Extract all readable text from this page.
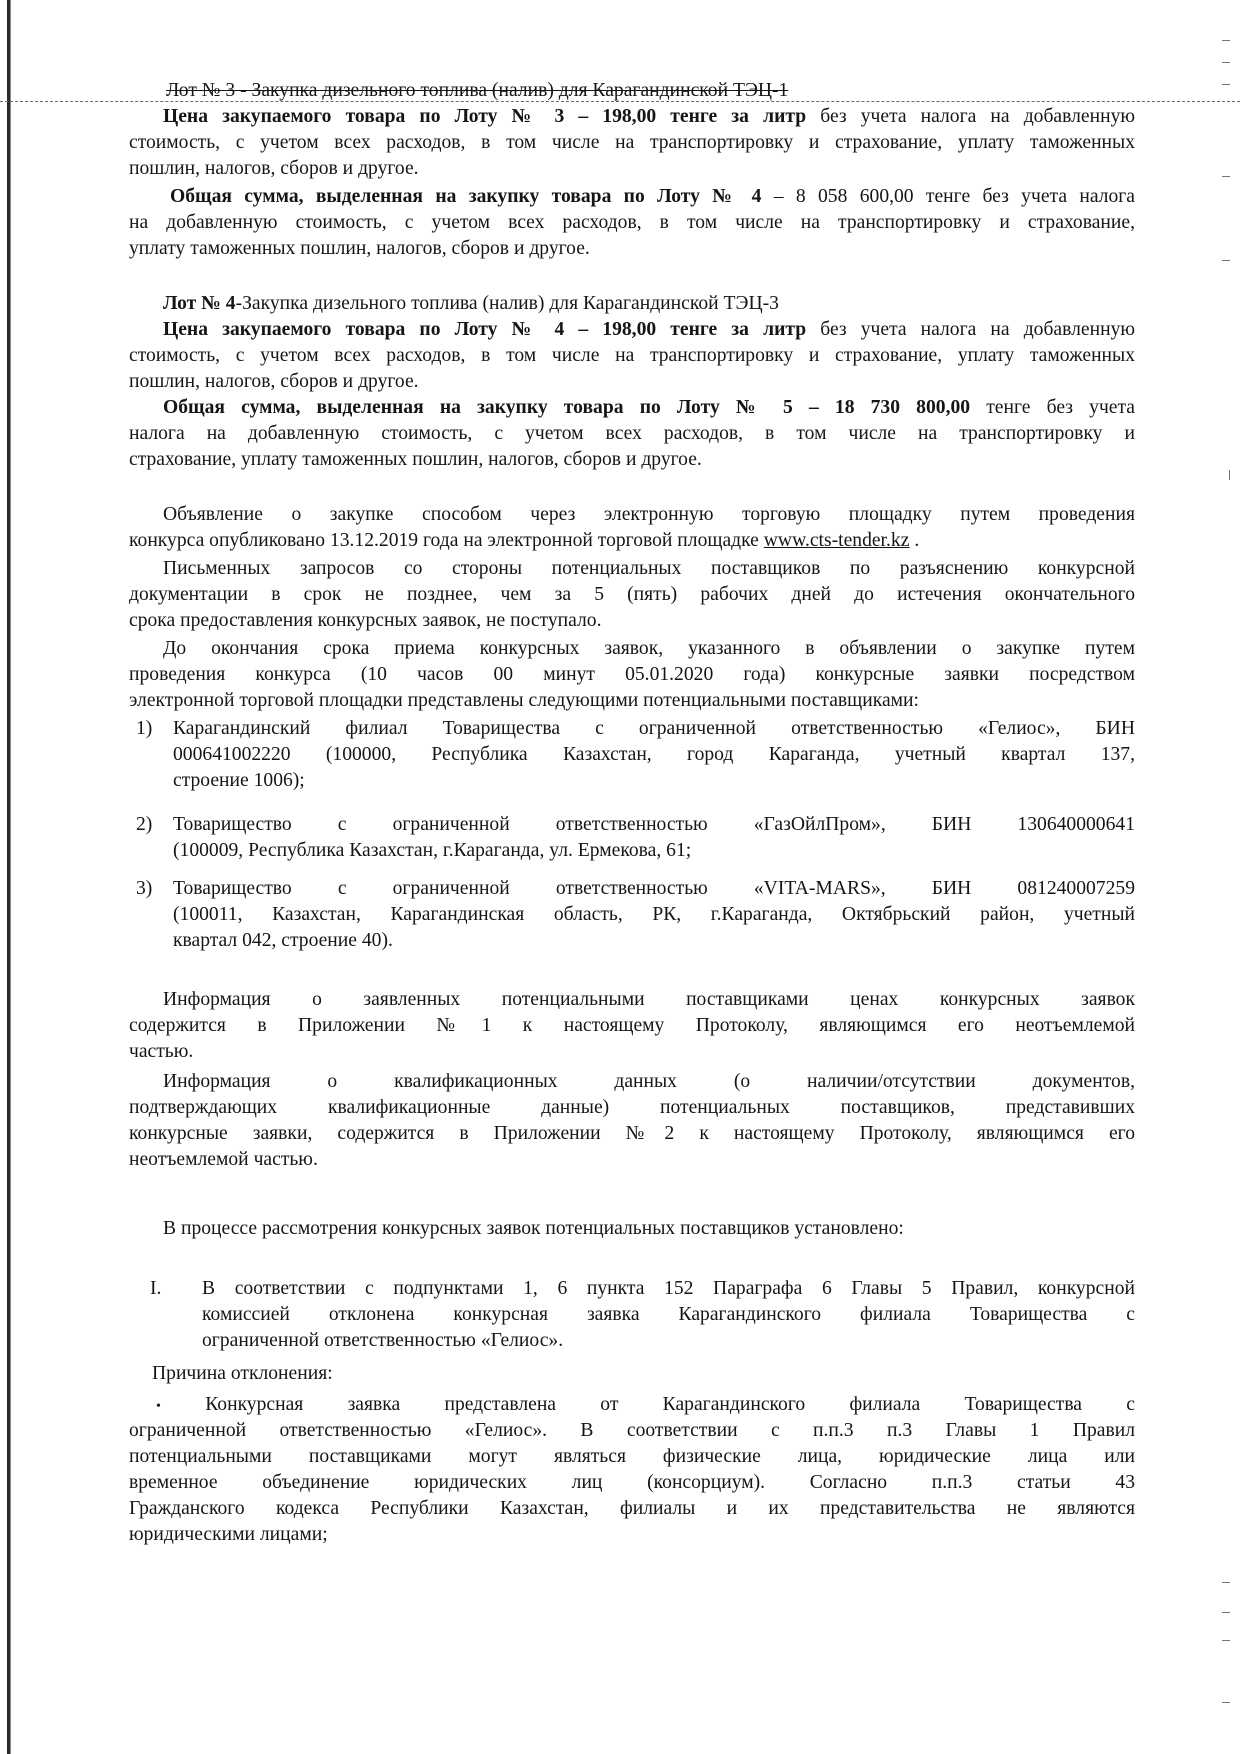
Лот № 3 - Закупка дизельного топлива (налив) для Карагандинской ТЭЦ-1
Цена закупаемого товара по Лоту № 3 – 198,00 тенге за литр без учета налога на добавленную
стоимость, с учетом всех расходов, в том числе на транспортировку и страхование, уплату таможенных
пошлин, налогов, сборов и другое.
Общая сумма, выделенная на закупку товара по Лоту № 4 – 8 058 600,00 тенге без учета налога
на добавленную стоимость, с учетом всех расходов, в том числе на транспортировку и страхование,
уплату таможенных пошлин, налогов, сборов и другое.
Лот № 4-Закупка дизельного топлива (налив) для Карагандинской ТЭЦ-3
Цена закупаемого товара по Лоту № 4 – 198,00 тенге за литр без учета налога на добавленную
стоимость, с учетом всех расходов, в том числе на транспортировку и страхование, уплату таможенных
пошлин, налогов, сборов и другое.
Общая сумма, выделенная на закупку товара по Лоту № 5 – 18 730 800,00 тенге без учета
налога на добавленную стоимость, с учетом всех расходов, в том числе на транспортировку и
страхование, уплату таможенных пошлин, налогов, сборов и другое.
Объявление о закупке способом через электронную торговую площадку путем проведения
конкурса опубликовано 13.12.2019 года на электронной торговой площадке www.cts-tender.kz .
Письменных запросов со стороны потенциальных поставщиков по разъяснению конкурсной
документации в срок не позднее, чем за 5 (пять) рабочих дней до истечения окончательного
срока предоставления конкурсных заявок, не поступало.
До окончания срока приема конкурсных заявок, указанного в объявлении о закупке путем
проведения конкурса (10 часов 00 минут 05.01.2020 года) конкурсные заявки посредством
электронной торговой площадки представлены следующими потенциальными поставщиками:
1) Карагандинский филиал Товарищества с ограниченной ответственностью «Гелиос», БИН
000641002220 (100000, Республика Казахстан, город Караганда, учетный квартал 137,
строение 1006);
2) Товарищество с ограниченной ответственностью «ГазОйлПром», БИН 130640000641
(100009, Республика Казахстан, г.Караганда, ул. Ермекова, 61;
3) Товарищество с ограниченной ответственностью «VITA-MARS», БИН 081240007259
(100011, Казахстан, Карагандинская область, РК, г.Караганда, Октябрьский район, учетный
квартал 042, строение 40).
Информация о заявленных потенциальными поставщиками ценах конкурсных заявок
содержится в Приложении №1 к настоящему Протоколу, являющимся его неотъемлемой
частью.
Информация о квалификационных данных (о наличии/отсутствии документов,
подтверждающих квалификационные данные) потенциальных поставщиков, представивших
конкурсные заявки, содержится в Приложении №2 к настоящему Протоколу, являющимся его
неотъемлемой частью.
В процессе рассмотрения конкурсных заявок потенциальных поставщиков установлено:
I.	В соответствии с подпунктами 1, 6 пункта 152 Параграфа 6 Главы 5 Правил, конкурсной
комиссией отклонена конкурсная заявка Карагандинского филиала Товарищества с
ограниченной ответственностью «Гелиос».
Причина отклонения:
• Конкурсная заявка представлена от Карагандинского филиала Товарищества с
ограниченной ответственностью «Гелиос». В соответствии с п.п.3 п.3 Главы 1 Правил
потенциальными поставщиками могут являться физические лица, юридические лица или
временное объединение юридических лиц (консорциум). Согласно п.п.3 статьи 43
Гражданского кодекса Республики Казахстан, филиалы и их представительства не являются
юридическими лицами;
